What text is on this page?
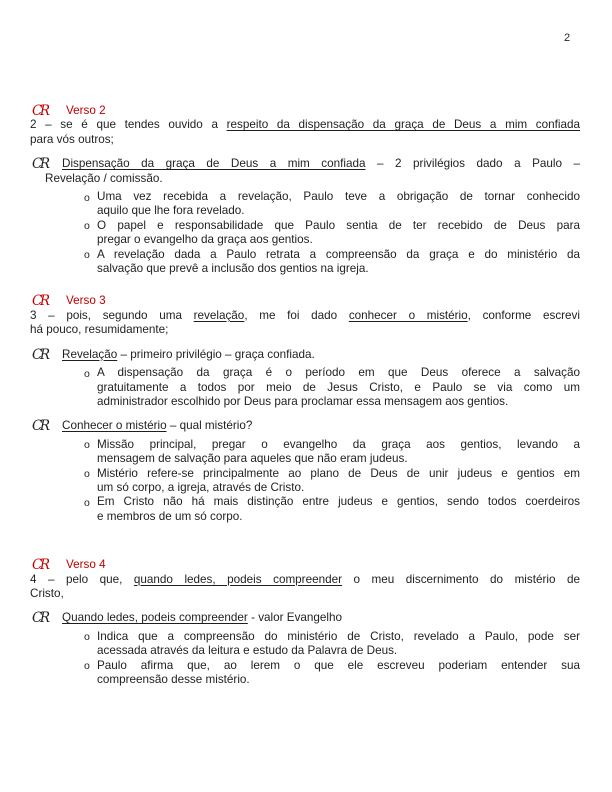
2
CR Verso 2
2 – se é que tendes ouvido a respeito da dispensação da graça de Deus a mim confiada
para vós outros;
CR	Dispensação da graça de Deus a mim confiada – 2 privilégios dado a Paulo –
Revelação / comissão.
o Uma vez recebida a revelação, Paulo teve a obrigação de tornar conhecido
aquilo que lhe fora revelado.
o O papel e responsabilidade que Paulo sentia de ter recebido de Deus para
pregar o evangelho da graça aos gentios.
o A revelação dada a Paulo retrata a compreensão da graça e do ministério da
salvação que prevê a inclusão dos gentios na igreja.
CR Verso 3
3 – pois, segundo uma revelação, me foi dado conhecer o mistério, conforme escrevi
há pouco, resumidamente;
CR	Revelação – primeiro privilégio – graça confiada.
o A dispensação da graça é o período em que Deus oferece a salvação
gratuitamente a todos por meio de Jesus Cristo, e Paulo se via como um
administrador escolhido por Deus para proclamar essa mensagem aos gentios.
CR	Conhecer o mistério – qual mistério?
o Missão principal, pregar o evangelho da graça aos gentios, levando a
mensagem de salvação para aqueles que não eram judeus.
o Mistério refere-se principalmente ao plano de Deus de unir judeus e gentios em
um só corpo, a igreja, através de Cristo.
o Em Cristo não há mais distinção entre judeus e gentios, sendo todos coerdeiros
e membros de um só corpo.
CR Verso 4
4 – pelo que, quando ledes, podeis compreender o meu discernimento do mistério de
Cristo,
CR	Quando ledes, podeis compreender - valor Evangelho
o Indica que a compreensão do ministério de Cristo, revelado a Paulo, pode ser
acessada através da leitura e estudo da Palavra de Deus.
o Paulo afirma que, ao lerem o que ele escreveu poderiam entender sua
compreensão desse mistério.
